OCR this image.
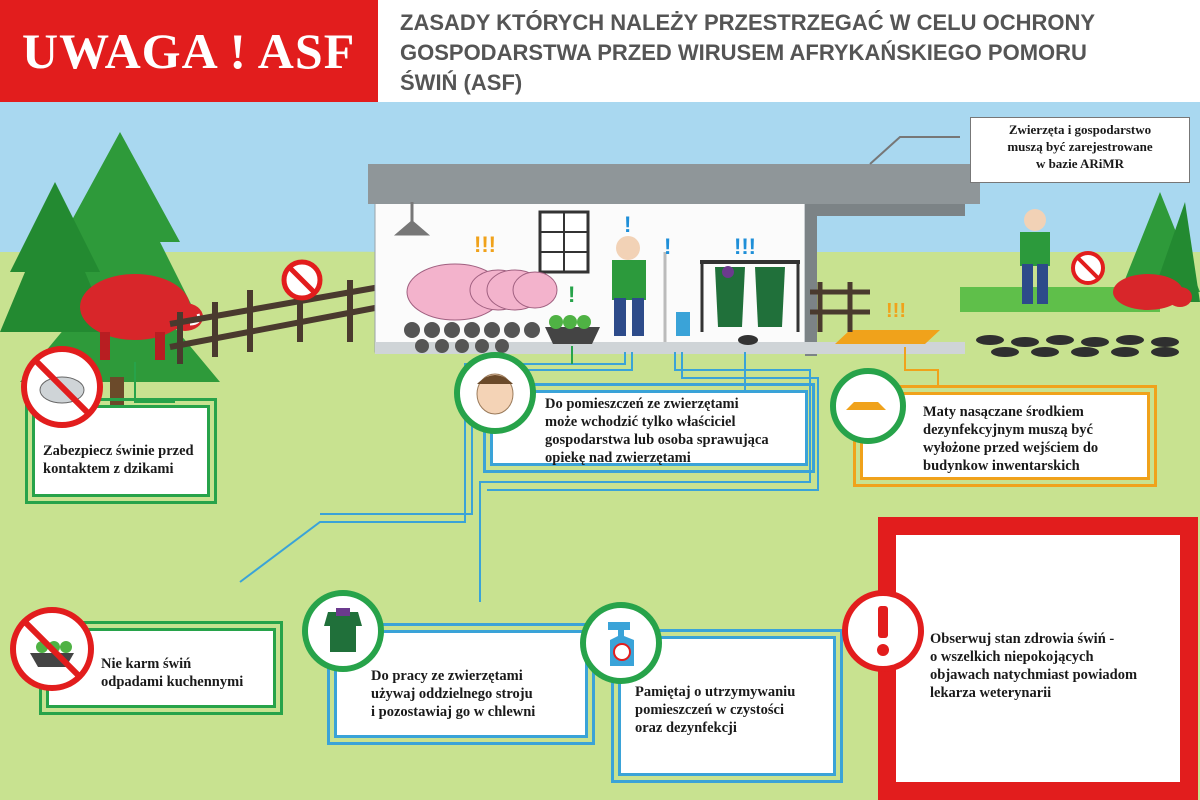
UWAGA ! ASF
ZASADY KTÓRYCH NALEŻY PRZESTRZEGAĆ W CELU OCHRONY
GOSPODARSTWA PRZED WIRUSEM AFRYKAŃSKIEGO POMORU
ŚWIŃ (ASF)
!!!
!
!
!	!!!
!!!
Zwierzęta i gospodarstwo
muszą być zarejestrowane
w bazie ARiMR
Zabezpiecz świnie przed
kontaktem z dzikami
Do pomieszczeń ze zwierzętami
może wchodzić tylko właściciel
gospodarstwa lub osoba sprawująca
opiekę nad zwierzętami
Maty nasączane środkiem
dezynfekcyjnym muszą być
wyłożone przed wejściem do
budynkow inwentarskich
Nie karm świń
odpadami kuchennymi	Do pracy ze zwierzętami
używaj oddzielnego stroju
i pozostawiaj go w chlewni
Pamiętaj o utrzymywaniu
pomieszczeń w czystości
oraz dezynfekcji
Obserwuj stan zdrowia świń -
o wszelkich niepokojących
objawach natychmiast powiadom
lekarza weterynarii
